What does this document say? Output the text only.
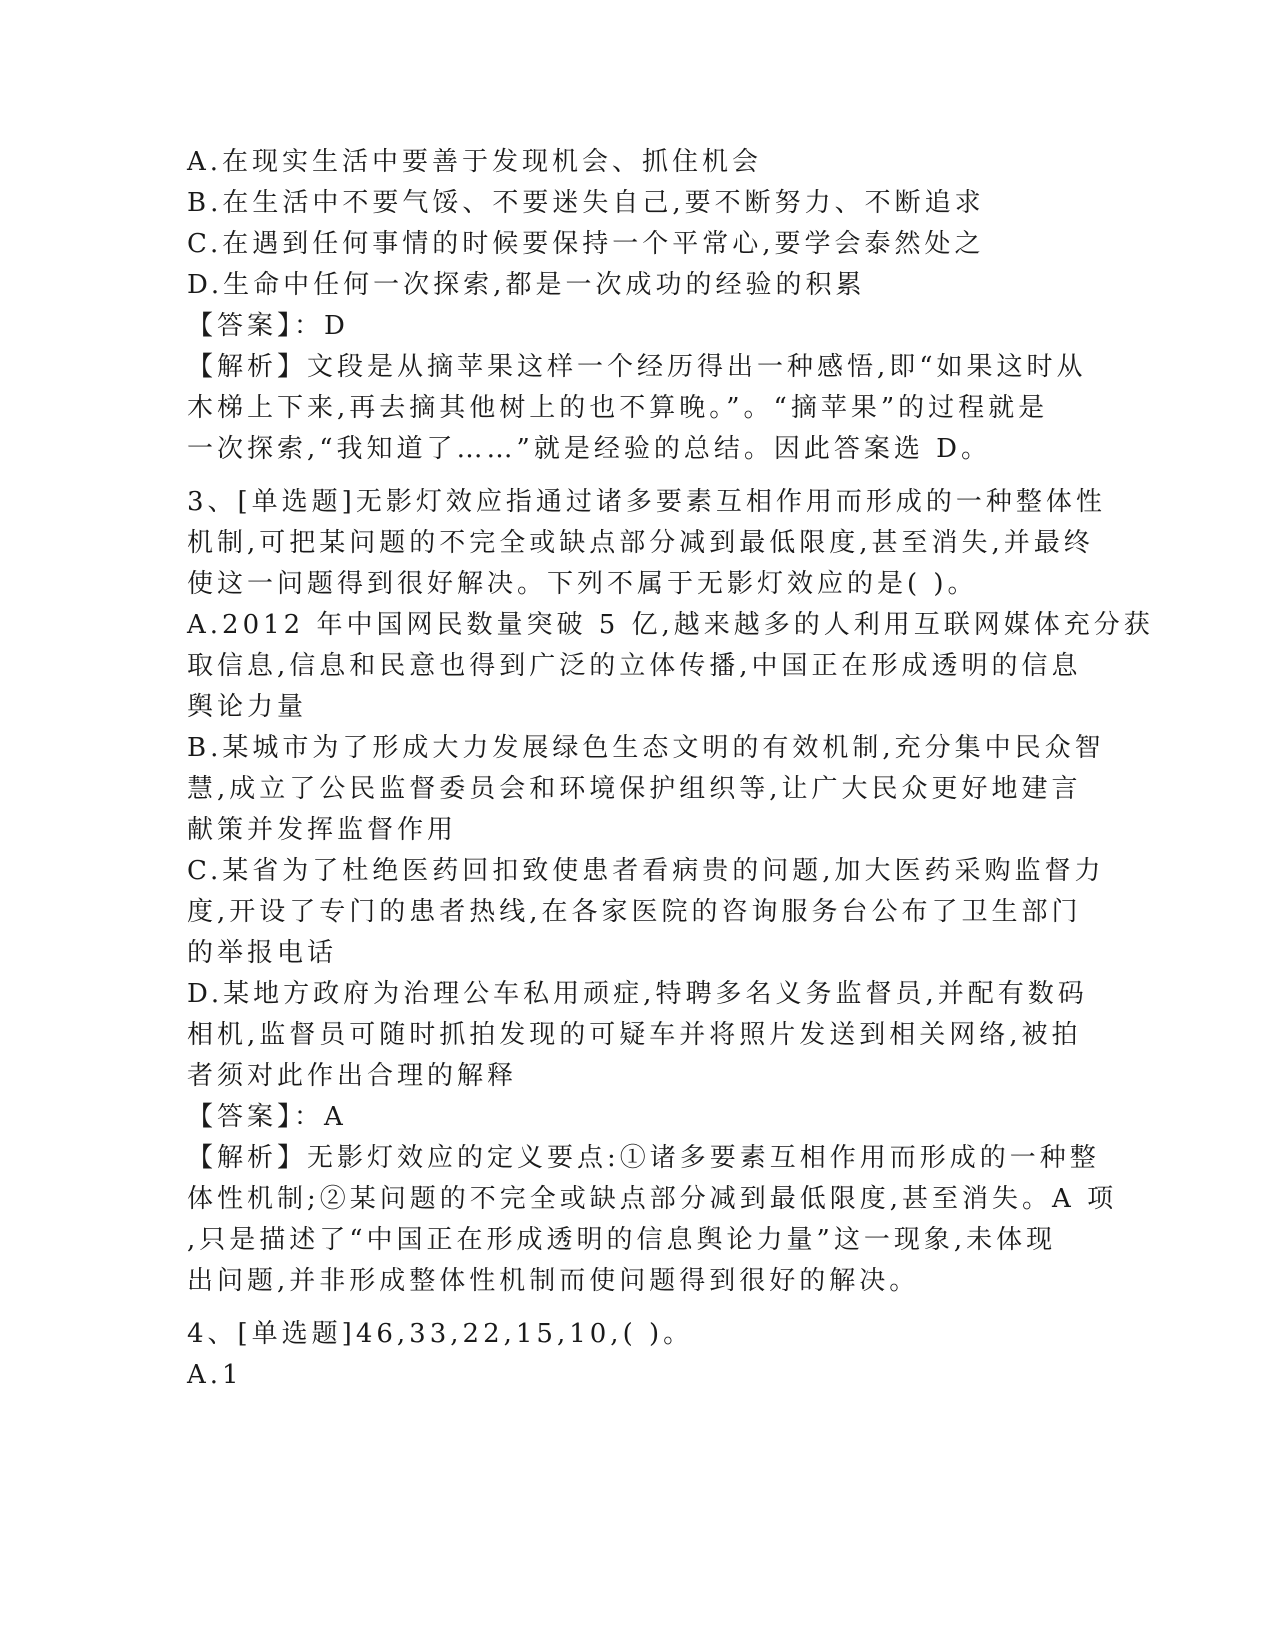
A.在现实生活中要善于发现机会、抓住机会
B.在生活中不要气馁、不要迷失自己,要不断努力、不断追求
C.在遇到任何事情的时候要保持一个平常心,要学会泰然处之
D.生命中任何一次探索,都是一次成功的经验的积累
【答案】：D
【解析】文段是从摘苹果这样一个经历得出一种感悟,即“如果这时从
木梯上下来,再去摘其他树上的也不算晚。”。“摘苹果”的过程就是
一次探索,“我知道了……”就是经验的总结。因此答案选 D。
3、[单选题]无影灯效应指通过诸多要素互相作用而形成的一种整体性
机制,可把某问题的不完全或缺点部分减到最低限度,甚至消失,并最终
使这一问题得到很好解决。下列不属于无影灯效应的是( )。
A.2012 年中国网民数量突破 5 亿,越来越多的人利用互联网媒体充分获
取信息,信息和民意也得到广泛的立体传播,中国正在形成透明的信息
舆论力量
B.某城市为了形成大力发展绿色生态文明的有效机制,充分集中民众智
慧,成立了公民监督委员会和环境保护组织等,让广大民众更好地建言
献策并发挥监督作用
C.某省为了杜绝医药回扣致使患者看病贵的问题,加大医药采购监督力
度,开设了专门的患者热线,在各家医院的咨询服务台公布了卫生部门
的举报电话
D.某地方政府为治理公车私用顽症,特聘多名义务监督员,并配有数码
相机,监督员可随时抓拍发现的可疑车并将照片发送到相关网络,被拍
者须对此作出合理的解释
【答案】：A
【解析】无影灯效应的定义要点:①诸多要素互相作用而形成的一种整
体性机制;②某问题的不完全或缺点部分减到最低限度,甚至消失。A 项
,只是描述了“中国正在形成透明的信息舆论力量”这一现象,未体现
出问题,并非形成整体性机制而使问题得到很好的解决。
4、[单选题]46,33,22,15,10,( )。
A.1
